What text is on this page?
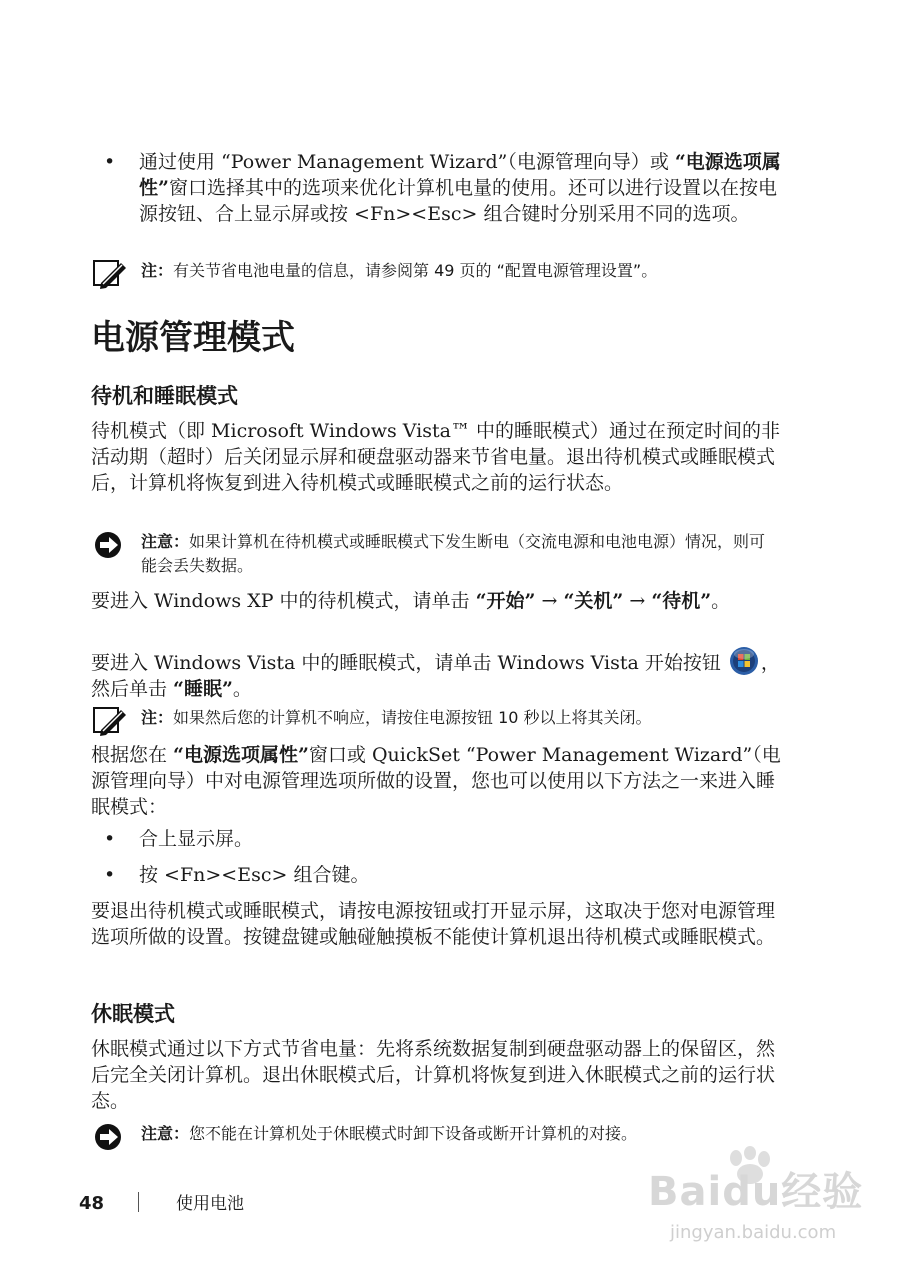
• 通过使用 “Power Management Wizard”（电源管理向导）或 “电源选项属性”窗口选择其中的选项来优化计算机电量的使用。还可以进行设置以在按电源按钮、合上显示屏或按 <Fn><Esc> 组合键时分别采用不同的选项。
注：有关节省电池电量的信息，请参阅第 49 页的 “配置电源管理设置”。
电源管理模式
待机和睡眠模式

待机模式（即 Microsoft Windows Vista™ 中的睡眠模式）通过在预定时间的非活动期（超时）后关闭显示屏和硬盘驱动器来节省电量。退出待机模式或睡眠模式后，计算机将恢复到进入待机模式或睡眠模式之前的运行状态。

注意：如果计算机在待机模式或睡眠模式下发生断电（交流电源和电池电源）情况，则可能会丢失数据。

要进入 Windows XP 中的待机模式，请单击 “开始” → “关机” → “待机”。

要进入 Windows Vista 中的睡眠模式，请单击 Windows Vista 开始按钮 ，然后单击 “睡眠”。

注：如果然后您的计算机不响应，请按住电源按钮 10 秒以上将其关闭。

根据您在 “电源选项属性”窗口或 QuickSet “Power Management Wizard”（电源管理向导）中对电源管理选项所做的设置，您也可以使用以下方法之一来进入睡眠模式：

• 合上显示屏。
• 按 <Fn><Esc> 组合键。

要退出待机模式或睡眠模式，请按电源按钮或打开显示屏，这取决于您对电源管理选项所做的设置。按键盘键或触碰触摸板不能使计算机退出待机模式或睡眠模式。

休眠模式

休眠模式通过以下方式节省电量：先将系统数据复制到硬盘驱动器上的保留区，然后完全关闭计算机。退出休眠模式后，计算机将恢复到进入休眠模式之前的运行状态。

注意：您不能在计算机处于休眠模式时卸下设备或断开计算机的对接。
48	使用电池	Baidu经验
jingyan.baidu.com
